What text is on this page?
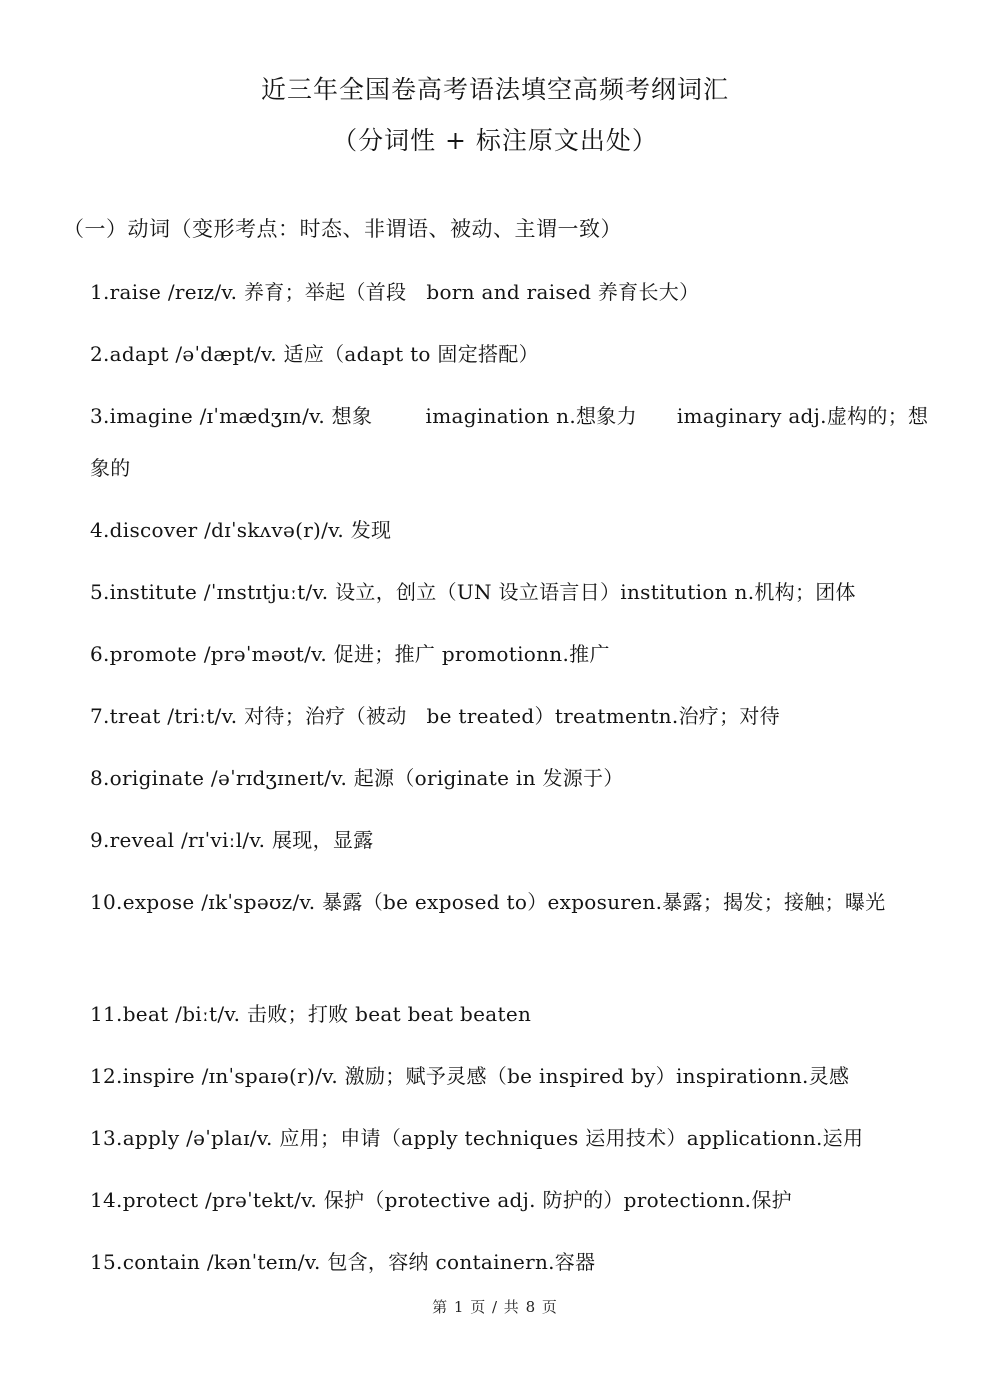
近三年全国卷高考语法填空高频考纲词汇
（分词性 + 标注原文出处）
（一）动词（变形考点：时态、非谓语、被动、主谓一致）
1.raise /reɪz/v. 养育；举起（首段   born and raised 养育长大）
2.adapt /əˈdæpt/v. 适应（adapt to 固定搭配）
3.imagine /ɪˈmædʒɪn/v. 想象        imagination n.想象力      imaginary adj.虚构的；想象的
4.discover /dɪˈskʌvə(r)/v. 发现
5.institute /ˈɪnstɪtjuːt/v. 设立，创立（UN 设立语言日）institution n.机构；团体
6.promote /prəˈməʊt/v. 促进；推广 promotionn.推广
7.treat /triːt/v. 对待；治疗（被动   be treated）treatmentn.治疗；对待
8.originate /əˈrɪdʒɪneɪt/v. 起源（originate in 发源于）
9.reveal /rɪˈviːl/v. 展现，显露
10.expose /ɪkˈspəʊz/v. 暴露（be exposed to）exposuren.暴露；揭发；接触；曝光
11.beat /biːt/v. 击败；打败 beat beat beaten
12.inspire /ɪnˈspaɪə(r)/v. 激励；赋予灵感（be inspired by）inspirationn.灵感
13.apply /əˈplaɪ/v. 应用；申请（apply techniques 运用技术）applicationn.运用
14.protect /prəˈtekt/v. 保护（protective adj. 防护的）protectionn.保护
15.contain /kənˈteɪn/v. 包含，容纳 containern.容器
第 1 页 / 共 8 页
